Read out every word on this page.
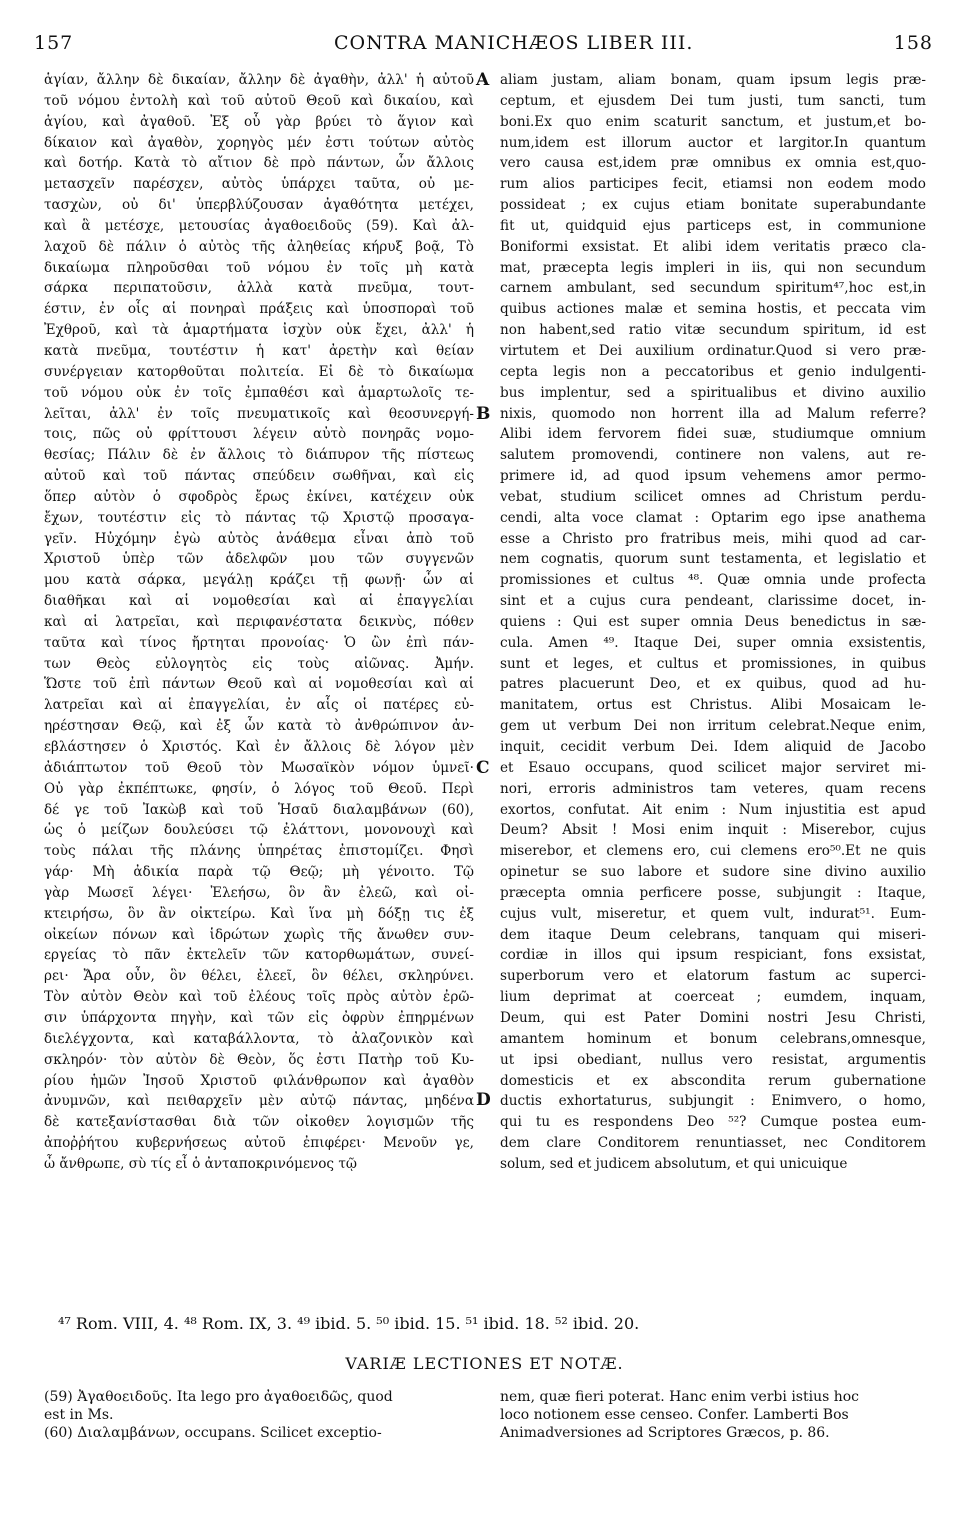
157	CONTRA MANICHÆOS LIBER III.	158
ἁγίαν, ἄλλην δὲ δικαίαν, ἄλλην δὲ ἀγαθὴν, ἀλλ' ἡ αὐτοῦ
τοῦ νόμου ἐντολὴ καὶ τοῦ αὐτοῦ Θεοῦ καὶ δικαίου, καὶ
ἁγίου, καὶ ἀγαθοῦ. Ἐξ οὗ γὰρ βρύει τὸ ἅγιον καὶ
δίκαιον καὶ ἀγαθὸν, χορηγὸς μέν ἐστι τούτων αὐτὸς
καὶ δοτήρ. Κατὰ τὸ αἴτιον δὲ πρὸ πάντων, ὧν ἄλλοις
μετασχεῖν παρέσχεν, αὐτὸς ὑπάρχει ταῦτα, οὐ με-
τασχὼν, οὐ δι' ὑπερβλύζουσαν ἀγαθότητα μετέχει,
καὶ ἃ μετέσχε, μετουσίας ἀγαθοειδοῦς (59). Καὶ ἀλ-
λαχοῦ δὲ πάλιν ὁ αὐτὸς τῆς ἀληθείας κήρυξ βοᾷ, Τὸ
δικαίωμα πληροῦσθαι τοῦ νόμου ἐν τοῖς μὴ κατὰ
σάρκα περιπατοῦσιν, ἀλλὰ κατὰ πνεῦμα, τουτ-
έστιν, ἐν οἷς αἱ πονηραὶ πράξεις καὶ ὑποσποραὶ τοῦ
Ἐχθροῦ, καὶ τὰ ἁμαρτήματα ἰσχὺν οὐκ ἔχει, ἀλλ' ἡ
κατὰ πνεῦμα, τουτέστιν ἡ κατ' ἀρετὴν καὶ θείαν
συνέργειαν κατορθοῦται πολιτεία. Εἰ δὲ τὸ δικαίωμα
τοῦ νόμου οὐκ ἐν τοῖς ἐμπαθέσι καὶ ἁμαρτωλοῖς τε-
λεῖται, ἀλλ' ἐν τοῖς πνευματικοῖς καὶ θεοσυνεργή-
τοις, πῶς οὐ φρίττουσι λέγειν αὐτὸ πονηρᾶς νομο-
θεσίας; Πάλιν δὲ ἐν ἄλλοις τὸ διάπυρον τῆς πίστεως
αὐτοῦ καὶ τοῦ πάντας σπεύδειν σωθῆναι, καὶ εἰς
ὅπερ αὐτὸν ὁ σφοδρὸς ἔρως ἐκίνει, κατέχειν οὐκ
ἔχων, τουτέστιν εἰς τὸ πάντας τῷ Χριστῷ προσαγα-
γεῖν. Ηὐχόμην ἐγὼ αὐτὸς ἀνάθεμα εἶναι ἀπὸ τοῦ
Χριστοῦ ὑπὲρ τῶν ἀδελφῶν μου τῶν συγγενῶν
μου κατὰ σάρκα, μεγάλῃ κράζει τῇ φωνῇ· ὧν αἱ
διαθῆκαι καὶ αἱ νομοθεσίαι καὶ αἱ ἐπαγγελίαι
καὶ αἱ λατρεῖαι, καὶ περιφανέστατα δεικνὺς, πόθεν
ταῦτα καὶ τίνος ἤρτηται προνοίας· Ὁ ὢν ἐπὶ πάν-
των Θεὸς εὐλογητὸς εἰς τοὺς αἰῶνας. Ἀμήν.
Ὥστε τοῦ ἐπὶ πάντων Θεοῦ καὶ αἱ νομοθεσίαι καὶ αἱ
λατρεῖαι καὶ αἱ ἐπαγγελίαι, ἐν αἷς οἱ πατέρες εὐ-
ηρέστησαν Θεῷ, καὶ ἐξ ὧν κατὰ τὸ ἀνθρώπινον ἀν-
εβλάστησεν ὁ Χριστός. Καὶ ἐν ἄλλοις δὲ λόγον μὲν
ἀδιάπτωτον τοῦ Θεοῦ τὸν Μωσαϊκὸν νόμον ὑμνεῖ·
Οὐ γὰρ ἐκπέπτωκε, φησίν, ὁ λόγος τοῦ Θεοῦ. Περὶ
δέ γε τοῦ Ἰακὼβ καὶ τοῦ Ἡσαῦ διαλαμβάνων (60),
ὡς ὁ μείζων δουλεύσει τῷ ἐλάττονι, μονονουχὶ καὶ
τοὺς πάλαι τῆς πλάνης ὑπηρέτας ἐπιστομίζει. Φησὶ
γάρ· Μὴ ἀδικία παρὰ τῷ Θεῷ; μὴ γένοιτο. Τῷ
γὰρ Μωσεῖ λέγει· Ἐλεήσω, ὃν ἂν ἐλεῶ, καὶ οἰ-
κτειρήσω, ὃν ἂν οἰκτείρω. Καὶ ἵνα μὴ δόξῃ τις ἐξ
οἰκείων πόνων καὶ ἱδρώτων χωρὶς τῆς ἄνωθεν συν-
εργείας τὸ πᾶν ἐκτελεῖν τῶν κατορθωμάτων, συνεί-
ρει· Ἄρα οὖν, ὃν θέλει, ἐλεεῖ, ὃν θέλει, σκληρύνει.
Τὸν αὐτὸν Θεὸν καὶ τοῦ ἐλέους τοῖς πρὸς αὐτὸν ἐρῶ-
σιν ὑπάρχοντα πηγὴν, καὶ τῶν εἰς ὀφρὺν ἐπηρμένων
διελέγχοντα, καὶ καταβάλλοντα, τὸ ἀλαζονικὸν καὶ
σκληρόν· τὸν αὐτὸν δὲ Θεὸν, ὅς ἐστι Πατὴρ τοῦ Κυ-
ρίου ἡμῶν Ἰησοῦ Χριστοῦ φιλάνθρωπον καὶ ἀγαθὸν
ἀνυμνῶν, καὶ πειθαρχεῖν μὲν αὐτῷ πάντας, μηδένα
δὲ κατεξανίστασθαι διὰ τῶν οἰκοθεν λογισμῶν τῆς
ἀποῤῥήτου κυβερνήσεως αὐτοῦ ἐπιφέρει· Μενοῦν γε,
ὦ ἄνθρωπε, σὺ τίς εἶ ὁ ἀνταποκρινόμενος τῷ
aliam justam, aliam bonam, quam ipsum legis præ-
ceptum, et ejusdem Dei tum justi, tum sancti, tum
boni.Ex quo enim scaturit sanctum, et justum,et bo-
num,idem est illorum auctor et largitor.In quantum
vero causa est,idem præ omnibus ex omnia est,quo-
rum alios participes fecit, etiamsi non eodem modo
possideat ; ex cujus etiam bonitate superabundante
fit ut, quidquid ejus particeps est, in communione
Boniformi exsistat. Et alibi idem veritatis præco cla-
mat, præcepta legis impleri in iis, qui non secundum
carnem ambulant, sed secundum spiritum⁴⁷,hoc est,in
quibus actiones malæ et semina hostis, et peccata vim
non habent,sed ratio vitæ secundum spiritum, id est
virtutem et Dei auxilium ordinatur.Quod si vero præ-
cepta legis non a peccatoribus et genio indulgenti-
bus implentur, sed a spiritualibus et divino auxilio
nixis, quomodo non horrent illa ad Malum referre?
Alibi idem fervorem fidei suæ, studiumque omnium
salutem promovendi, continere non valens, aut re-
primere id, ad quod ipsum vehemens amor permo-
vebat, studium scilicet omnes ad Christum perdu-
cendi, alta voce clamat : Optarim ego ipse anathema
esse a Christo pro fratribus meis, mihi quod ad car-
nem cognatis, quorum sunt testamenta, et legislatio et
promissiones et cultus ⁴⁸. Quæ omnia unde profecta
sint et a cujus cura pendeant, clarissime docet, in-
quiens : Qui est super omnia Deus benedictus in sæ-
cula. Amen ⁴⁹. Itaque Dei, super omnia exsistentis,
sunt et leges, et cultus et promissiones, in quibus
patres placuerunt Deo, et ex quibus, quod ad hu-
manitatem, ortus est Christus. Alibi Mosaicam le-
gem ut verbum Dei non irritum celebrat.Neque enim,
inquit, cecidit verbum Dei. Idem aliquid de Jacobo
et Esauo occupans, quod scilicet major serviret mi-
nori, erroris administros tam veteres, quam recens
exortos, confutat. Ait enim : Num injustitia est apud
Deum? Absit ! Mosi enim inquit : Miserebor, cujus
miserebor, et clemens ero, cui clemens ero⁵⁰.Et ne quis
opinetur se suo labore et sudore sine divino auxilio
præcepta omnia perficere posse, subjungit : Itaque,
cujus vult, miseretur, et quem vult, indurat⁵¹. Eum-
dem itaque Deum celebrans, tanquam qui miseri-
cordiæ in illos qui ipsum respiciant, fons exsistat,
superborum vero et elatorum fastum ac superci-
lium deprimat at coerceat ; eumdem, inquam,
Deum, qui est Pater Domini nostri Jesu Christi,
amantem hominum et bonum celebrans,omnesque,
ut ipsi obediant, nullus vero resistat, argumentis
domesticis et ex abscondita rerum gubernatione
ductis exhortaturus, subjungit : Enimvero, o homo,
qui tu es respondens Deo ⁵²? Cumque postea eum-
dem clare Conditorem renuntiasset, nec Conditorem
solum, sed et judicem absolutum, et qui unicuique
A
B
C
D
⁴⁷ Rom. VIII, 4. ⁴⁸ Rom. IX, 3. ⁴⁹ ibid. 5. ⁵⁰ ibid. 15. ⁵¹ ibid. 18. ⁵² ibid. 20.
VARIÆ LECTIONES ET NOTÆ.
(59) Ἀγαθοειδοῦς. Ita lego pro ἀγαθοειδῶς, quod
est in Ms.
(60) Διαλαμβάνων, occupans. Scilicet exceptio-
nem, quæ fieri poterat. Hanc enim verbi istius hoc
loco notionem esse censeo. Confer. Lamberti Bos
Animadversiones ad Scriptores Græcos, p. 86.
